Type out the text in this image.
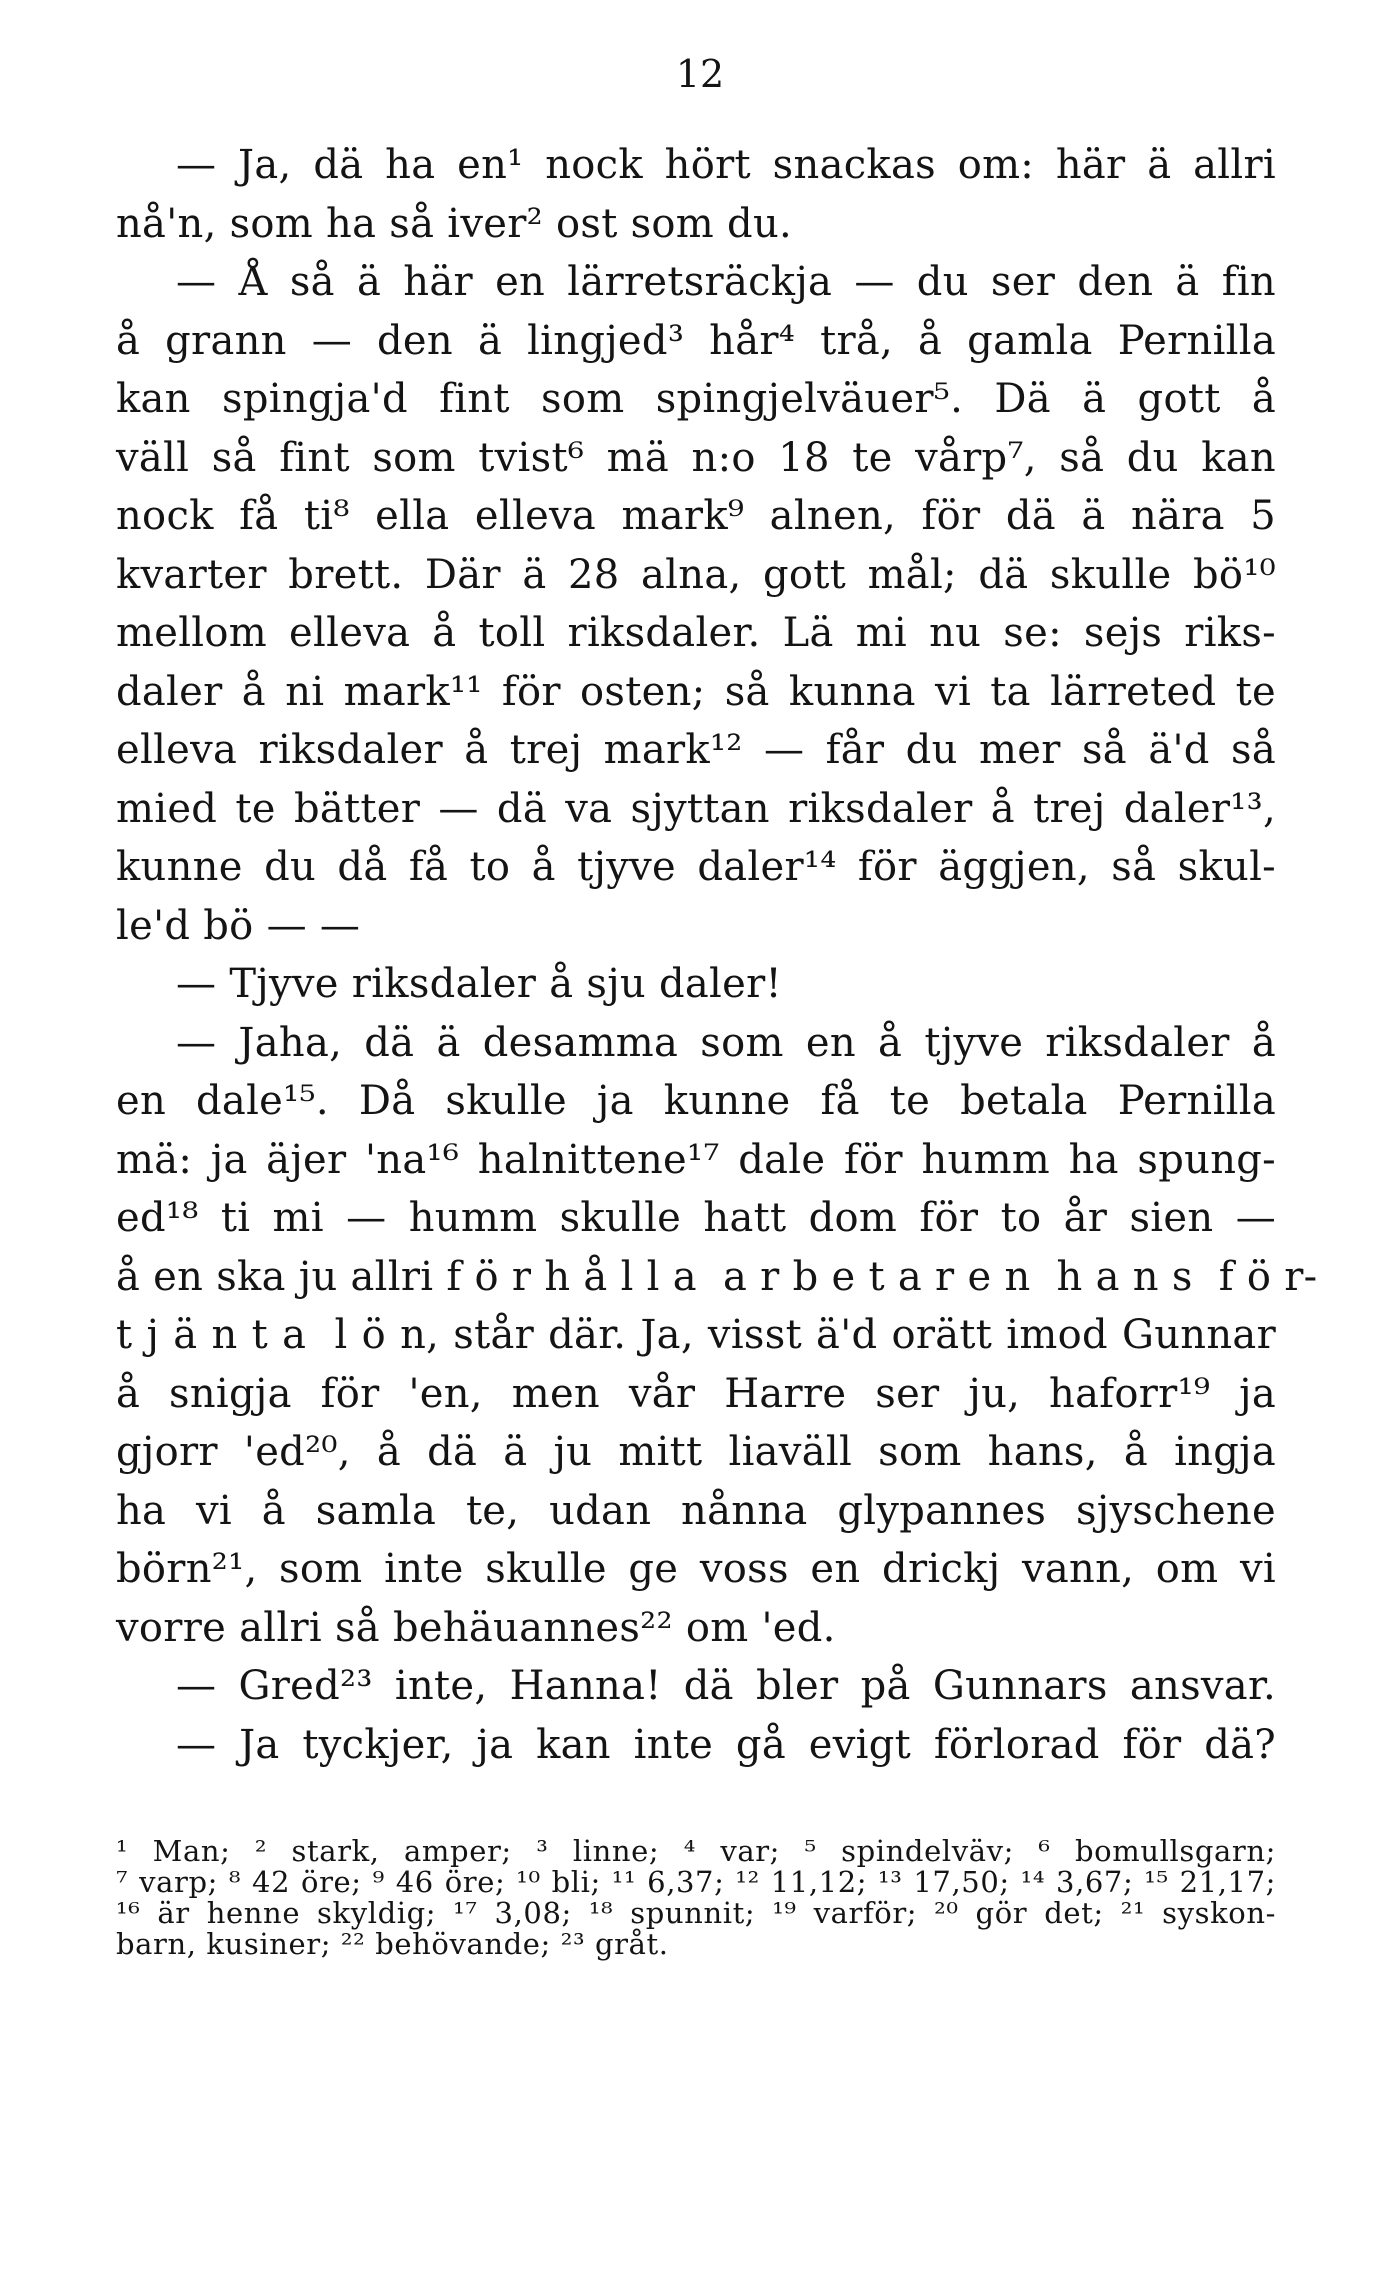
12
— Ja, dä ha en¹ nock hört snackas om: här ä allri
nå'n, som ha så iver² ost som du.
— Å så ä här en lärretsräckja — du ser den ä fin
å grann — den ä lingjed³ hår⁴ trå, å gamla Pernilla
kan spingja'd fint som spingjelväuer⁵. Dä ä gott å
väll så fint som tvist⁶ mä n:o 18 te vårp⁷, så du kan
nock få ti⁸ ella elleva mark⁹ alnen, för dä ä nära 5
kvarter brett. Där ä 28 alna, gott mål; dä skulle bö¹⁰
mellom elleva å toll riksdaler. Lä mi nu se: sejs riks-
daler å ni mark¹¹ för osten; så kunna vi ta lärreted te
elleva riksdaler å trej mark¹² — får du mer så ä'd så
mied te bätter — dä va sjyttan riksdaler å trej daler¹³,
kunne du då få to å tjyve daler¹⁴ för äggjen, så skul-
le'd bö — —
— Tjyve riksdaler å sju daler!
— Jaha, dä ä desamma som en å tjyve riksdaler å
en dale¹⁵. Då skulle ja kunne få te betala Pernilla
mä: ja äjer 'na¹⁶ halnittene¹⁷ dale för humm ha spung-
ed¹⁸ ti mi — humm skulle hatt dom för to år sien —
å en ska ju allri f ö r h å l l a  a r b e t a r e n  h a n s  f ö r-
t j ä n t a  l ö n, står där. Ja, visst ä'd orätt imod Gunnar
å snigja för 'en, men vår Harre ser ju, haforr¹⁹ ja
gjorr 'ed²⁰, å dä ä ju mitt liaväll som hans, å ingja
ha vi å samla te, udan nånna glypannes sjyschene
börn²¹, som inte skulle ge voss en drickj vann, om vi
vorre allri så behäuannes²² om 'ed.
— Gred²³ inte, Hanna! dä bler på Gunnars ansvar.
— Ja tyckjer, ja kan inte gå evigt förlorad för dä?
¹ Man; ² stark, amper; ³ linne; ⁴ var; ⁵ spindelväv; ⁶ bomullsgarn;
⁷ varp; ⁸ 42 öre; ⁹ 46 öre; ¹⁰ bli; ¹¹ 6,37; ¹² 11,12; ¹³ 17,50; ¹⁴ 3,67; ¹⁵ 21,17;
¹⁶ är henne skyldig; ¹⁷ 3,08; ¹⁸ spunnit; ¹⁹ varför; ²⁰ gör det; ²¹ syskon-
barn, kusiner; ²² behövande; ²³ gråt.
